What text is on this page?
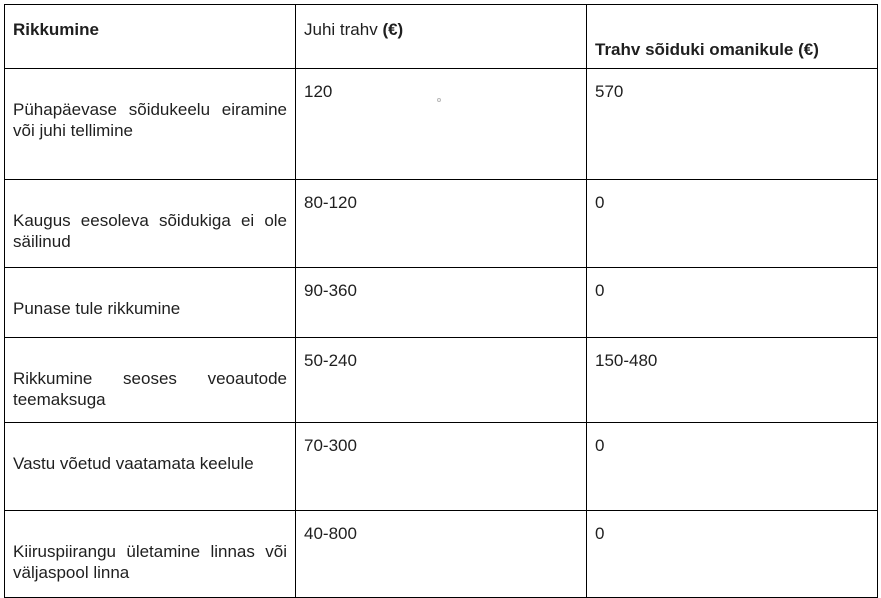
Rikkumine	Juhi trahv (€)	Trahv sõiduki omanikule (€)

Pühapäevase sõidukeelu eiramine või juhi tellimine	120	570

Kaugus eesoleva sõidukiga ei ole säilinud	80-120	0

Punase tule rikkumine	90-360	0

Rikkumine seoses veoautode teemaksuga	50-240	150-480

Vastu võetud vaatamata keelule	70-300	0

Kiiruspiirangu ületamine linnas või väljaspool linna	40-800	0
